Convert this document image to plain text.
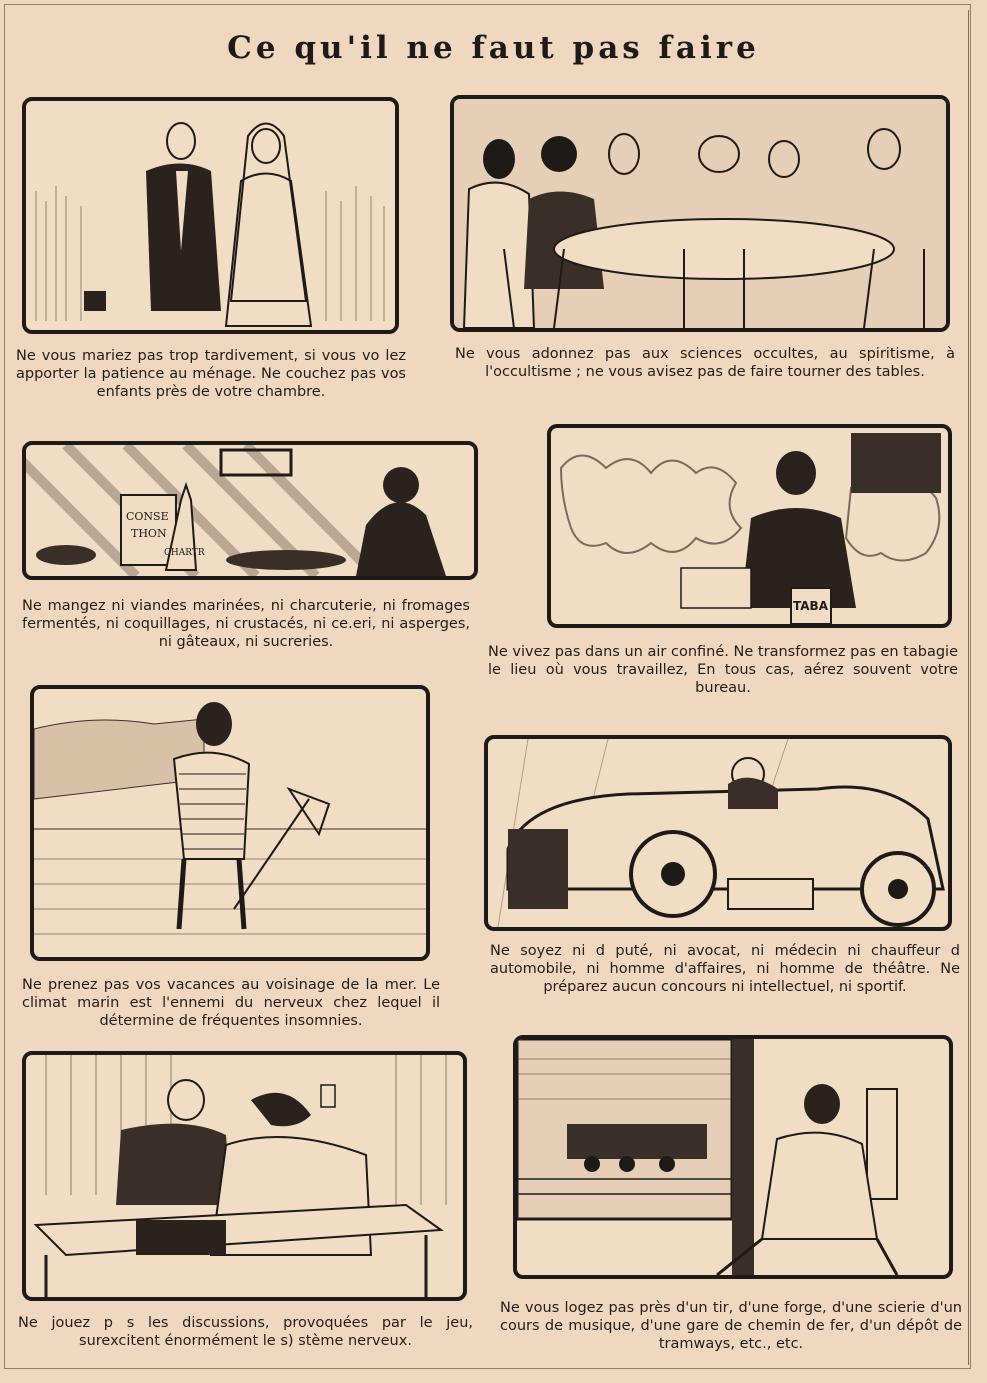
Ce qu'il ne faut pas faire
Ne vous mariez pas trop tardivement, si vous vo lez apporter la patience au ménage. Ne couchez pas vos enfants près de votre chambre.
Ne vous adonnez pas aux sciences occultes, au spiritisme, à l'occultisme ; ne vous avisez pas de faire tourner des tables.
CONSE
THON
CHARTR
Ne mangez ni viandes marinées, ni charcuterie, ni fromages fermentés, ni coquillages, ni crustacés, ni ce.eri, ni asperges, ni gâteaux, ni sucreries.
TABA
Ne vivez pas dans un air confiné. Ne transformez pas en tabagie le lieu où vous travaillez, En tous cas, aérez souvent votre bureau.
Ne prenez pas vos vacances au voisinage de la mer. Le climat marin est l'ennemi du nerveux chez lequel il détermine de fréquentes insomnies.
Ne soyez ni d puté, ni avocat, ni médecin ni chauffeur d automobile, ni homme d'affaires, ni homme de théâtre. Ne préparez aucun concours ni intellectuel, ni sportif.
Ne jouez p s les discussions, provoquées par le jeu, surexcitent énormément le s) stème nerveux.
Ne vous logez pas près d'un tir, d'une forge, d'une scierie d'un cours de musique, d'une gare de chemin de fer, d'un dépôt de tramways, etc., etc.
